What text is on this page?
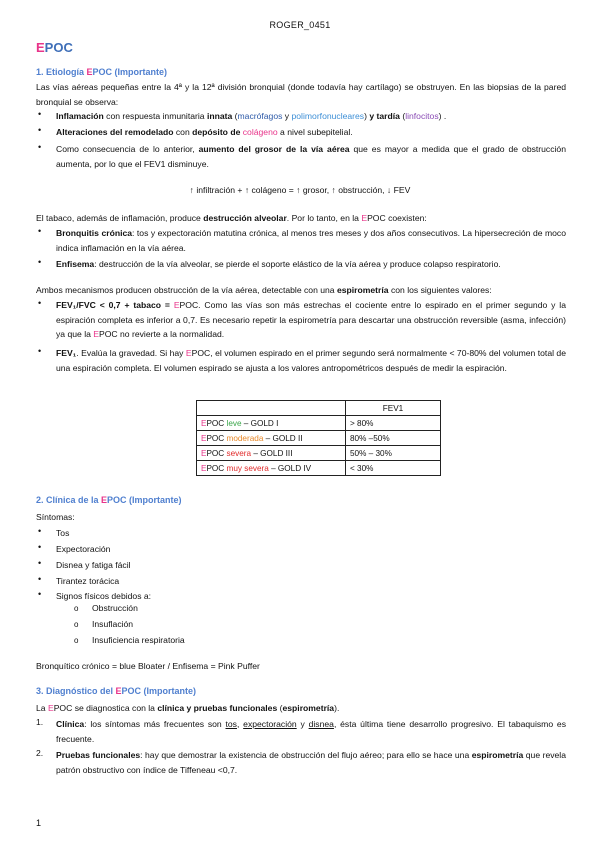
ROGER_0451
EPOC
1. Etiología EPOC (Importante)
Las vías aéreas pequeñas entre la 4ª y la 12ª división bronquial (donde todavía hay cartílago) se obstruyen. En las biopsias de la pared bronquial se observa:
• Inflamación con respuesta inmunitaria innata (macrófagos y polimorfonucleares) y tardía (linfocitos) .
• Alteraciones del remodelado con depósito de colágeno a nivel subepitelial.
• Como consecuencia de lo anterior, aumento del grosor de la vía aérea que es mayor a medida que el grado de obstrucción aumenta, por lo que el FEV1 disminuye.
↑ infiltración + ↑ colágeno = ↑ grosor, ↑ obstrucción, ↓ FEV
El tabaco, además de inflamación, produce destrucción alveolar. Por lo tanto, en la EPOC coexisten:
• Bronquitis crónica: tos y expectoración matutina crónica, al menos tres meses y dos años consecutivos. La hipersecreción de moco indica inflamación en la vía aérea.
• Enfisema: destrucción de la vía alveolar, se pierde el soporte elástico de la vía aérea y produce colapso respiratorio.
Ambos mecanismos producen obstrucción de la vía aérea, detectable con una espirometría con los siguientes valores:
• FEV₁/FVC < 0,7 + tabaco = EPOC. Como las vías son más estrechas el cociente entre lo espirado en el primer segundo y la espiración completa es inferior a 0,7. Es necesario repetir la espirometría para descartar una obstrucción reversible (asma, infección) ya que la EPOC no revierte a la normalidad.
• FEV₁. Evalúa la gravedad. Si hay EPOC, el volumen espirado en el primer segundo será normalmente < 70-80% del volumen total de una espiración completa. El volumen espirado se ajusta a los valores antropométricos después de medir la espiración.
	FEV1
EPOC leve – GOLD I	> 80%
EPOC moderada – GOLD II	80% –50%
EPOC severa – GOLD III	50% – 30%
EPOC muy severa – GOLD IV	< 30%
2. Clínica de la EPOC (Importante)
Síntomas:
• Tos
• Expectoración
• Disnea y fatiga fácil
• Tirantez torácica
• Signos físicos debidos a:
o Obstrucción
o Insuflación
o Insuficiencia respiratoria
Bronquítico crónico = blue Bloater / Enfisema = Pink Puffer
3. Diagnóstico del EPOC (Importante)
La EPOC se diagnostica con la clínica y pruebas funcionales (espirometría).
1. Clínica: los síntomas más frecuentes son tos, expectoración y disnea, ésta última tiene desarrollo progresivo. El tabaquismo es frecuente.
2. Pruebas funcionales: hay que demostrar la existencia de obstrucción del flujo aéreo; para ello se hace una espirometría que revela patrón obstructivo con índice de Tiffeneau <0,7.
1
